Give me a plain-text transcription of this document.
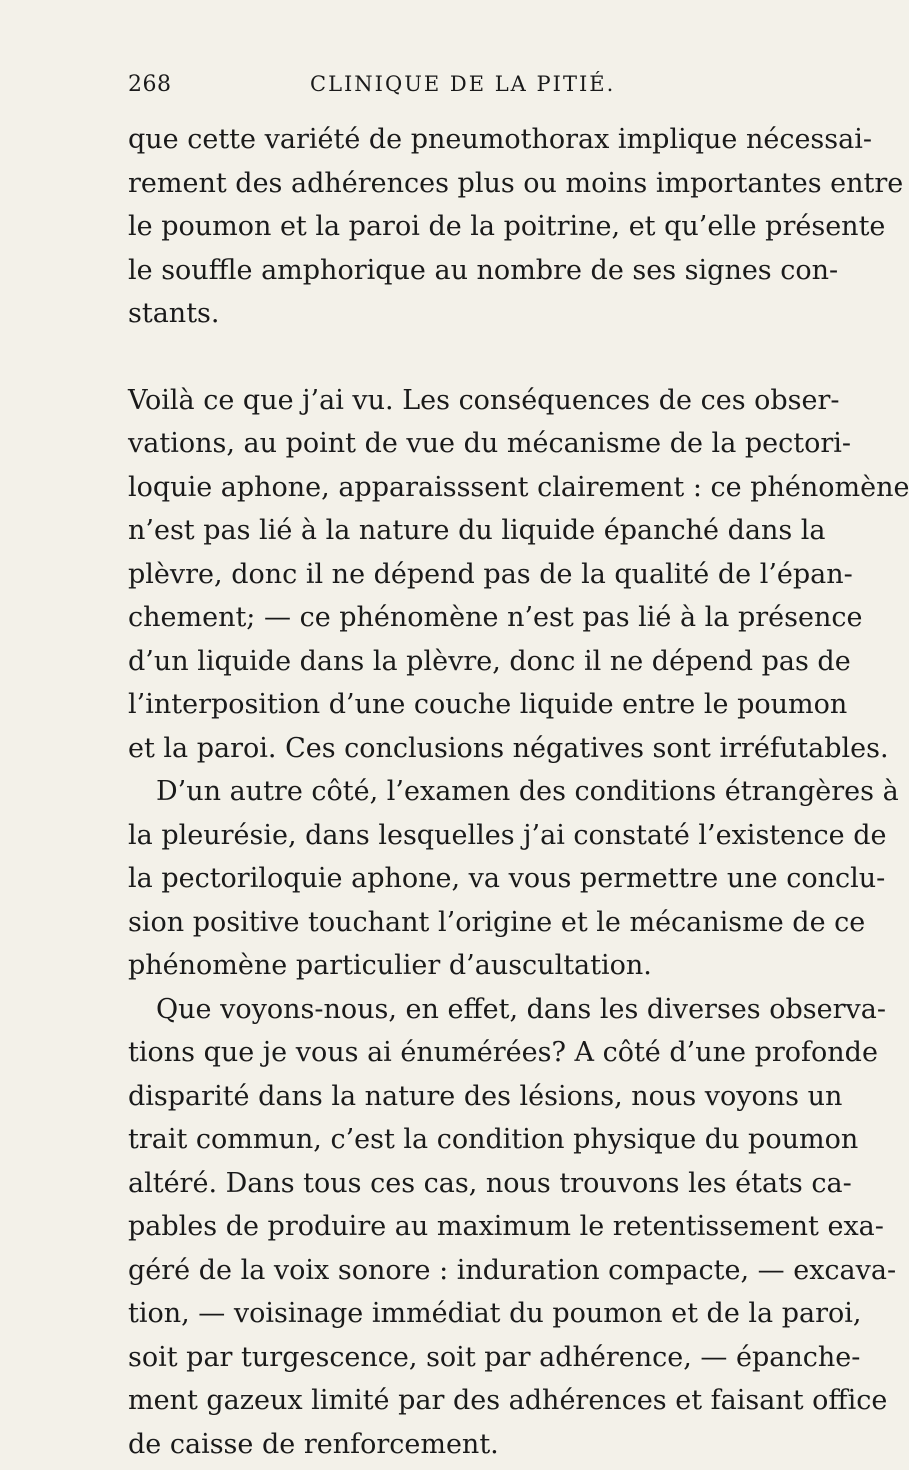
268	CLINIQUE DE LA PITIÉ.
que cette variété de pneumothorax implique nécessai-
rement des adhérences plus ou moins importantes entre
le poumon et la paroi de la poitrine, et qu’elle présente
le souffle amphorique au nombre de ses signes con-
stants.
Voilà ce que j’ai vu. Les conséquences de ces obser-
vations, au point de vue du mécanisme de la pectori-
loquie aphone, apparaisssent clairement : ce phénomène
n’est pas lié à la nature du liquide épanché dans la
plèvre, donc il ne dépend pas de la qualité de l’épan-
chement; — ce phénomène n’est pas lié à la présence
d’un liquide dans la plèvre, donc il ne dépend pas de
l’interposition d’une couche liquide entre le poumon
et la paroi. Ces conclusions négatives sont irréfutables.
D’un autre côté, l’examen des conditions étrangères à
la pleurésie, dans lesquelles j’ai constaté l’existence de
la pectoriloquie aphone, va vous permettre une conclu-
sion positive touchant l’origine et le mécanisme de ce
phénomène particulier d’auscultation.
Que voyons-nous, en effet, dans les diverses observa-
tions que je vous ai énumérées? A côté d’une profonde
disparité dans la nature des lésions, nous voyons un
trait commun, c’est la condition physique du poumon
altéré. Dans tous ces cas, nous trouvons les états ca-
pables de produire au maximum le retentissement exa-
géré de la voix sonore : induration compacte, — excava-
tion, — voisinage immédiat du poumon et de la paroi,
soit par turgescence, soit par adhérence, — épanche-
ment gazeux limité par des adhérences et faisant office
de caisse de renforcement.
